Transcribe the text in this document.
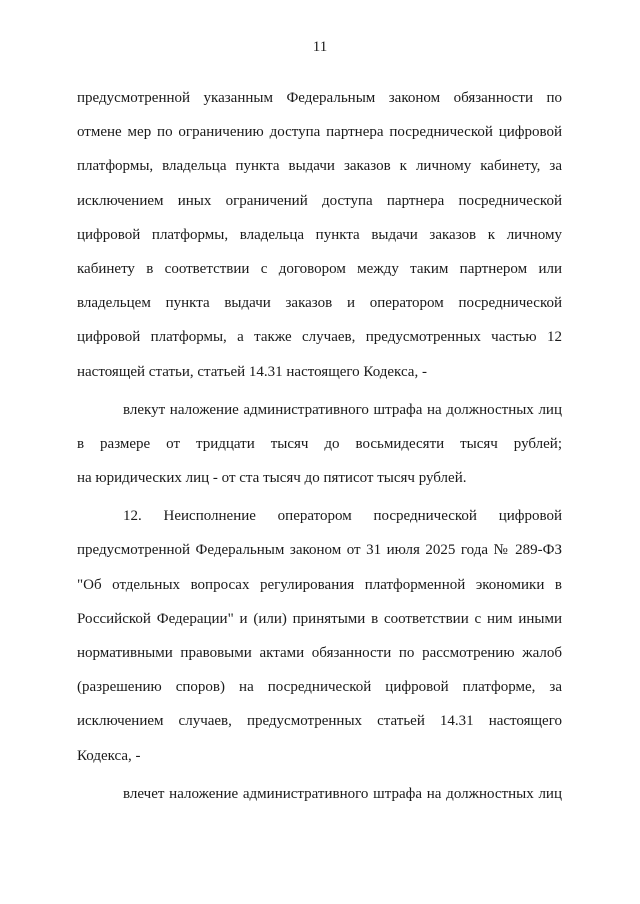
11
предусмотренной указанным Федеральным законом обязанности по
отмене мер по ограничению доступа партнера посреднической цифровой
платформы, владельца пункта выдачи заказов к личному кабинету, за
исключением иных ограничений доступа партнера посреднической
цифровой платформы, владельца пункта выдачи заказов к личному
кабинету в соответствии с договором между таким партнером или
владельцем пункта выдачи заказов и оператором посреднической
цифровой платформы, а также случаев, предусмотренных частью 12
настоящей статьи, статьей 14.31 настоящего Кодекса, -
влекут наложение административного штрафа на должностных лиц
в размере от тридцати тысяч до восьмидесяти тысяч рублей;
на юридических лиц - от ста тысяч до пятисот тысяч рублей.
12. Неисполнение оператором посреднической цифровой
предусмотренной Федеральным законом от 31 июля 2025 года № 289-ФЗ
"Об отдельных вопросах регулирования платформенной экономики в
Российской Федерации" и (или) принятыми в соответствии с ним иными
нормативными правовыми актами обязанности по рассмотрению жалоб
(разрешению споров) на посреднической цифровой платформе, за
исключением случаев, предусмотренных статьей 14.31 настоящего
Кодекса, -
влечет наложение административного штрафа на должностных лиц
